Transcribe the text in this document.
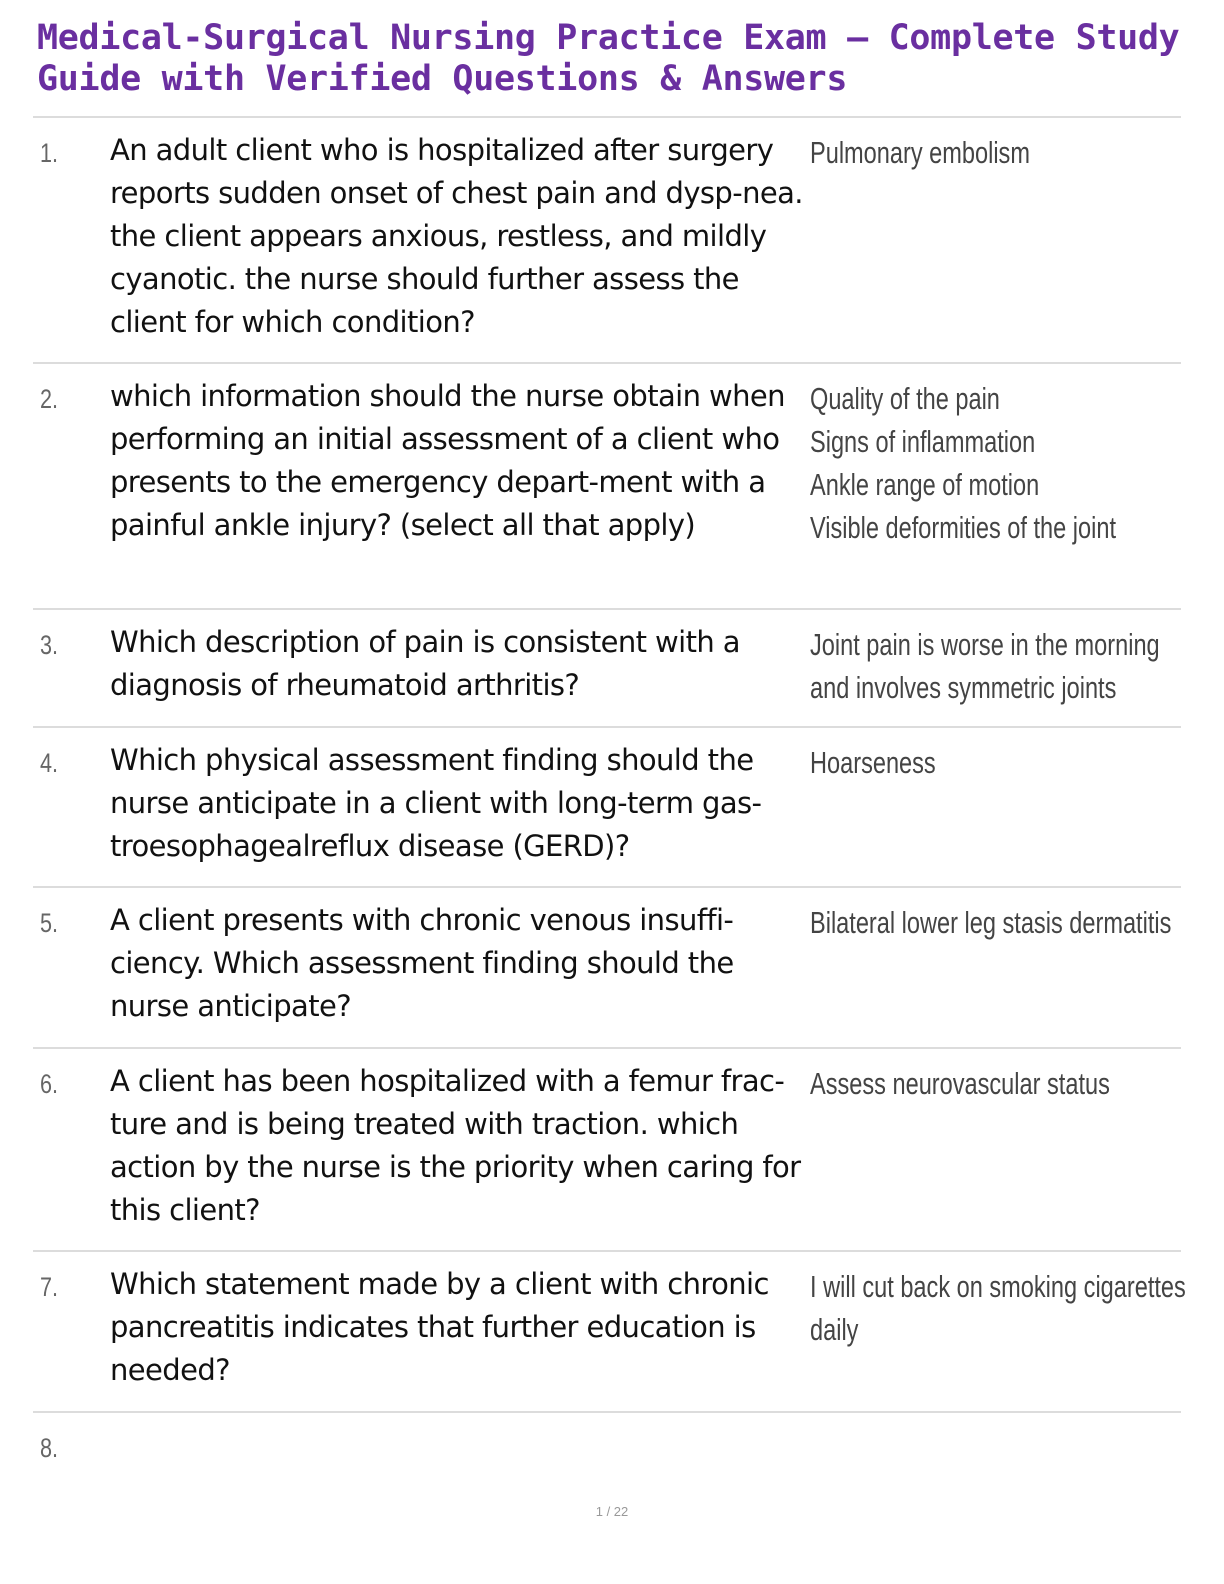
Medical-Surgical Nursing Practice Exam – Complete Study Guide with Verified Questions & Answers
1. An adult client who is hospitalized after surgery reports sudden onset of chest pain and dysp-nea. the client appears anxious, restless, and mildly cyanotic. the nurse should further assess the client for which condition?

Pulmonary embolism
2. which information should the nurse obtain when performing an initial assessment of a client who presents to the emergency depart-ment with a painful ankle injury? (select all that apply)

Quality of the pain
Signs of inflammation
Ankle range of motion
Visible deformities of the joint
3. Which description of pain is consistent with a diagnosis of rheumatoid arthritis?

Joint pain is worse in the morning
and involves symmetric joints
4. Which physical assessment finding should the nurse anticipate in a client with long-term gas-troesophagealreflux disease (GERD)?

Hoarseness
5. A client presents with chronic venous insuffi-ciency. Which assessment finding should the nurse anticipate?

Bilateral lower leg stasis dermatitis
6. A client has been hospitalized with a femur frac-ture and is being treated with traction. which action by the nurse is the priority when caring for this client?

Assess neurovascular status
7. Which statement made by a client with chronic pancreatitis indicates that further education is needed?

I will cut back on smoking cigarettes
daily
8.
1 / 22
